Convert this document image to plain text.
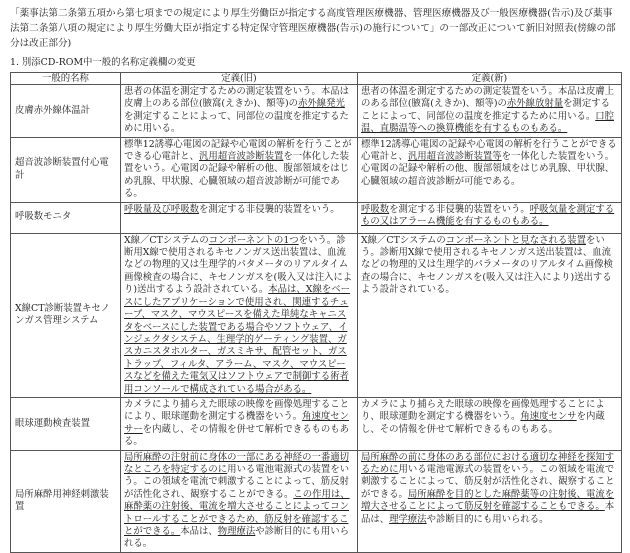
「薬事法第二条第五項から第七項までの規定により厚生労働臣が指定する高度管理医療機器、管理医療機器及び一般医療機器(告示)及び薬事法第二条第八項の規定により厚生労働大臣が指定する特定保守管理医療機器(告示)の施行について」の一部改正について新旧対照表(傍線の部分は改正部分)
1. 別添CD-ROM中一般的名称定義欄の変更
一般的名称	定義(旧)	定義(新)
皮膚赤外線体温計	患者の体温を測定するための測定装置をいう。本品は皮膚上のある部位(腋窩(えきか)、額等)の赤外線発光を測定することによって、同部位の温度を推定するために用いる。	患者の体温を測定するための測定装置をいう。本品は皮膚上のある部位(腋窩(えきか)、額等)の赤外線放射量を測定することによって、同部位の温度を推定するために用いる。口腔温、直腸温等への換算機能を有するものもある。
超音波診断装置付心電計	標準12誘導心電図の記録や心電図の解析を行うことができる心電計と、汎用超音波診断装置を一体化した装置をいう。心電図の記録や解析の他、腹部領域をはじめ乳腺、甲状腺、心臓領域の超音波診断が可能である。	標準12誘導心電図の記録や心電図の解析を行うことができる心電計と、汎用超音波診断装置等を一体化した装置をいう。心電図の記録や解析の他、腹部領域をはじめ乳腺、甲状腺、心臓領域の超音波診断が可能である。
呼吸数モニタ	呼吸量及び呼吸数を測定する非侵襲的装置をいう。	呼吸数を測定する非侵襲的装置をいう。呼吸気量を測定するもの又はアラーム機能を有するものもある。
X線CT診断装置キセノンガス管理システム	X線／CTシステムのコンポーネントの1つをいう。診断用X線で使用されるキセノンガス送出装置は、血流などの物理的又は生理学的パタメータのリアルタイム画像検査の場合に、キセノンガスを(吸入又は注入により)送出するよう設計されている。本品は、X線をベースにしたアプリケーションで使用され、関連するチューブ、マスク、マウスピースを備えた単純なキャニスタをベースにした装置である場合やソフトウェア、インジェクタシステム、生理学的ゲーティング装置、ガスカニスタホルター、ガスミキサ、配管セット、ガストラップ、フィルタ、アラーム、マスク、マウスピースなどを備えた電気又はソフトウェアで制御する術者用コンソールで構成されている場合がある。	X線／CTシステムのコンポーネントと見なされる装置をいう。診断用X線で使用されるキセノンガス送出装置は、血流などの物理的又は生理学的パラメータのリアルタイム画像検査の場合に、キセノンガスを(吸入又は注入により)送出するよう設計されている。
眼球運動検査装置	カメラにより捕らえた眼球の映像を画像処理することにより、眼球運動を測定する機器をいう。角速度センサーを内蔵し、その情報を併せて解析できるものもある。	カメラにより捕らえた眼球の映像を画像処理することにより、眼球運動を測定する機器をいう。角速度センサを内蔵し、その情報を併せて解析できるものもある。
局所麻酔用神経刺激装置	局所麻酔の注射前に身体の一部にある神経の一番適切なところを特定するのに用いる電池電源式の装置をいう。この領域を電流で刺激することによって、筋反射が活性化され、観察することができる。この作用は、麻酔薬の注射後、電流を増大させることによってコントロールすることができるため、筋反射を確認することができる。本品は、物理療法や診断目的にも用いられる。	局所麻酔の前に身体のある部位における適切な神経を探知するために用いる電池電源式の装置をいう。この領域を電流で刺激することによって、筋反射が活性化され、観察することができる。局所麻酔を目的とした麻酔薬等の注射後、電流を増大させることによって筋反射を確認することもできる。本品は、理学療法や診断目的にも用いられる。
